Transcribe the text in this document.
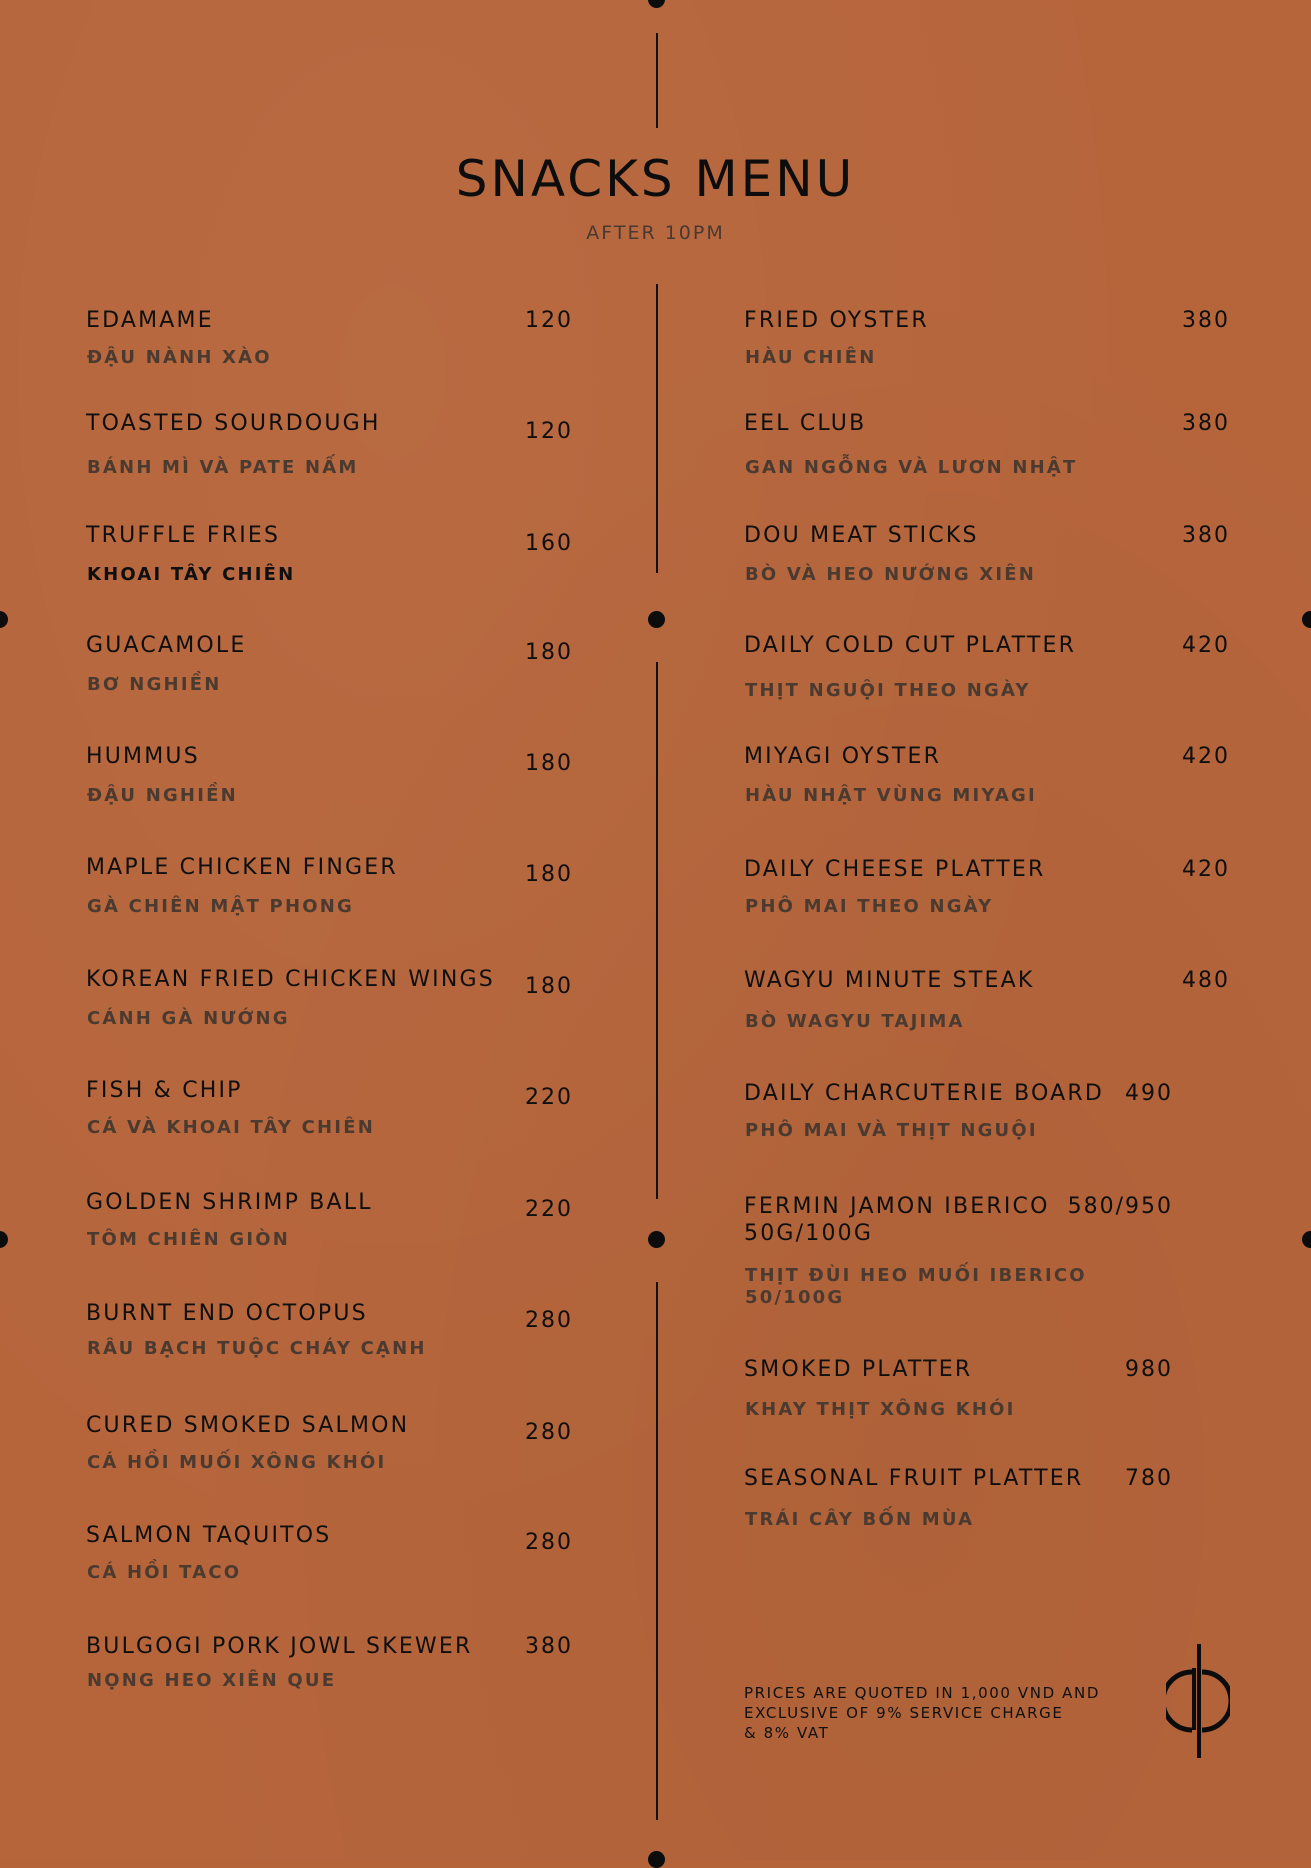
SNACKS MENU
AFTER 10PM
EDAMAME	120
ĐẬU NÀNH XÀO
TOASTED SOURDOUGH	120
BÁNH MÌ VÀ PATE NẤM
TRUFFLE FRIES	160
KHOAI TÂY CHIÊN
GUACAMOLE	180
BƠ NGHIỀN
HUMMUS	180
ĐẬU NGHIỀN
MAPLE CHICKEN FINGER	180
GÀ CHIÊN MẬT PHONG
KOREAN FRIED CHICKEN WINGS 180
CÁNH GÀ NƯỚNG
FISH & CHIP	220
CÁ VÀ KHOAI TÂY CHIÊN
GOLDEN SHRIMP BALL	220
TÔM CHIÊN GIÒN
BURNT END OCTOPUS	280
RÂU BẠCH TUỘC CHÁY CẠNH
CURED SMOKED SALMON	280
CÁ HỒI MUỐI XÔNG KHÓI
SALMON TAQUITOS	280
CÁ HỒI TACO
BULGOGI PORK JOWL SKEWER 380
NỌNG HEO XIÊN QUE
FRIED OYSTER	380
HÀU CHIÊN
EEL CLUB	380
GAN NGỖNG VÀ LƯƠN NHẬT
DOU MEAT STICKS	380
BÒ VÀ HEO NƯỚNG XIÊN
DAILY COLD CUT PLATTER	420
THỊT NGUỘI THEO NGÀY
MIYAGI OYSTER	420
HÀU NHẬT VÙNG MIYAGI
DAILY CHEESE PLATTER	420
PHÔ MAI THEO NGÀY
WAGYU MINUTE STEAK	480
BÒ WAGYU TAJIMA
DAILY CHARCUTERIE BOARD 490
PHÔ MAI VÀ THỊT NGUỘI
FERMIN JAMON IBERICO
50G/100G
580/950
THỊT ĐÙI HEO MUỐI IBERICO
50/100G
SMOKED PLATTER	980
KHAY THỊT XÔNG KHÓI
SEASONAL FRUIT PLATTER 780
TRÁI CÂY BỐN MÙA
PRICES ARE QUOTED IN 1,000 VND AND
EXCLUSIVE OF 9% SERVICE CHARGE
& 8% VAT
